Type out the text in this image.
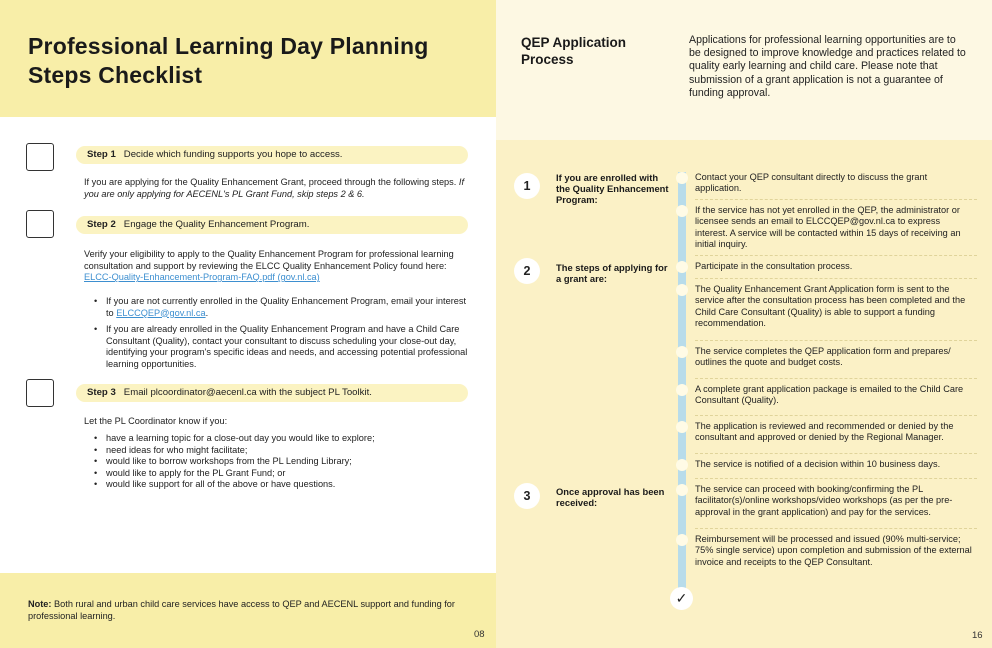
Professional Learning Day Planning Steps Checklist
Step 1 Decide which funding supports you hope to access.
If you are applying for the Quality Enhancement Grant, proceed through the following steps. If you are only applying for AECENL's PL Grant Fund, skip steps 2 & 6.
Step 2 Engage the Quality Enhancement Program.
Verify your eligibility to apply to the Quality Enhancement Program for professional learning consultation and support by reviewing the ELCC Quality Enhancement Policy found here: ELCC-Quality-Enhancement-Program-FAQ.pdf (gov.nl.ca)
• If you are not currently enrolled in the Quality Enhancement Program, email your interest to ELCCQEP@gov.nl.ca.
• If you are already enrolled in the Quality Enhancement Program and have a Child Care Consultant (Quality), contact your consultant to discuss scheduling your close-out day, identifying your program's specific ideas and needs, and accessing potential professional learning opportunities.
Step 3 Email plcoordinator@aecenl.ca with the subject PL Toolkit.
Let the PL Coordinator know if you:
• have a learning topic for a close-out day you would like to explore;
• need ideas for who might facilitate;
• would like to borrow workshops from the PL Lending Library;
• would like to apply for the PL Grant Fund; or
• would like support for all of the above or have questions.
Note: Both rural and urban child care services have access to QEP and AECENL support and funding for professional learning.
08
QEP Application Process
Applications for professional learning opportunities are to be designed to improve knowledge and practices related to quality early learning and child care. Please note that submission of a grant application is not a guarantee of funding approval.
1
If you are enrolled with the Quality Enhancement Program:
2	The steps of applying for a grant are:
3	Once approval has been received:
✓
Contact your QEP consultant directly to discuss the grant application.
If the service has not yet enrolled in the QEP, the administrator or licensee sends an email to ELCCQEP@gov.nl.ca to express interest. A service will be contacted within 15 days of receiving an initial inquiry.
Participate in the consultation process.
The Quality Enhancement Grant Application form is sent to the service after the consultation process has been completed and the Child Care Consultant (Quality) is able to support a funding recommendation.
The service completes the QEP application form and prepares/ outlines the quote and budget costs.
A complete grant application package is emailed to the Child Care Consultant (Quality).
The application is reviewed and recommended or denied by the consultant and approved or denied by the Regional Manager.
The service is notified of a decision within 10 business days.
The service can proceed with booking/confirming the PL facilitator(s)/online workshops/video workshops (as per the pre-approval in the grant application) and pay for the services.
Reimbursement will be processed and issued (90% multi-service; 75% single service) upon completion and submission of the external invoice and receipts to the QEP Consultant.
16
